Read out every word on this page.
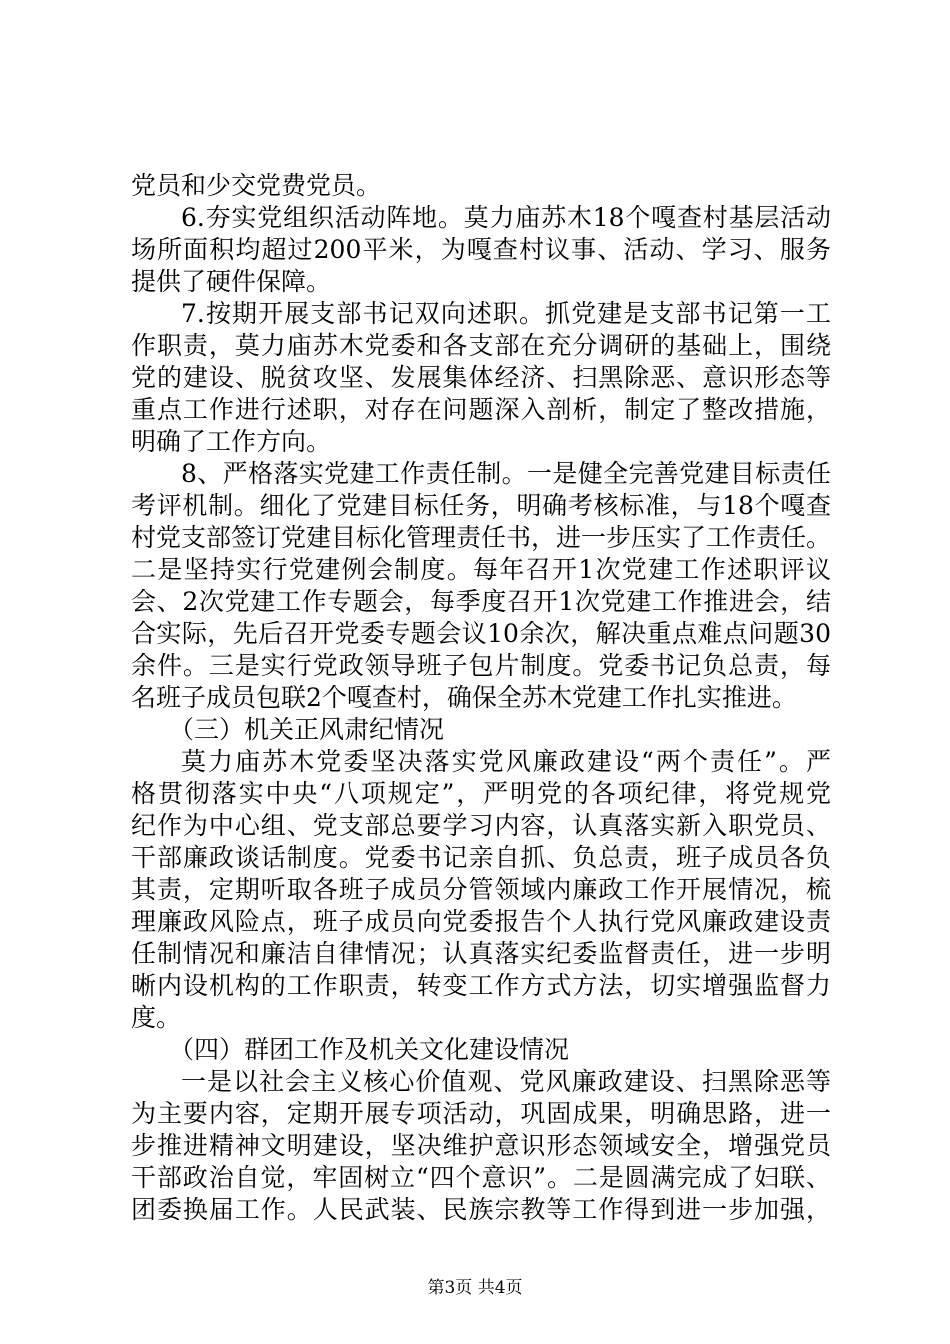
党员和少交党费党员。
6.夯实党组织活动阵地。莫力庙苏木18个嘎查村基层活动
场所面积均超过200平米，为嘎查村议事、活动、学习、服务
提供了硬件保障。
7.按期开展支部书记双向述职。抓党建是支部书记第一工
作职责，莫力庙苏木党委和各支部在充分调研的基础上，围绕
党的建设、脱贫攻坚、发展集体经济、扫黑除恶、意识形态等
重点工作进行述职，对存在问题深入剖析，制定了整改措施，
明确了工作方向。
8、严格落实党建工作责任制。一是健全完善党建目标责任
考评机制。细化了党建目标任务，明确考核标准，与18个嘎查
村党支部签订党建目标化管理责任书，进一步压实了工作责任。
二是坚持实行党建例会制度。每年召开1次党建工作述职评议
会、2次党建工作专题会，每季度召开1次党建工作推进会，结
合实际，先后召开党委专题会议10余次，解决重点难点问题30
余件。三是实行党政领导班子包片制度。党委书记负总责，每
名班子成员包联2个嘎查村，确保全苏木党建工作扎实推进。
（三）机关正风肃纪情况
莫力庙苏木党委坚决落实党风廉政建设“两个责任”。严
格贯彻落实中央“八项规定”，严明党的各项纪律，将党规党
纪作为中心组、党支部总要学习内容，认真落实新入职党员、
干部廉政谈话制度。党委书记亲自抓、负总责，班子成员各负
其责，定期听取各班子成员分管领域内廉政工作开展情况，梳
理廉政风险点，班子成员向党委报告个人执行党风廉政建设责
任制情况和廉洁自律情况；认真落实纪委监督责任，进一步明
晰内设机构的工作职责，转变工作方式方法，切实增强监督力
度。
（四）群团工作及机关文化建设情况
一是以社会主义核心价值观、党风廉政建设、扫黑除恶等
为主要内容，定期开展专项活动，巩固成果，明确思路，进一
步推进精神文明建设，坚决维护意识形态领域安全，增强党员
干部政治自觉，牢固树立“四个意识”。二是圆满完成了妇联、
团委换届工作。人民武装、民族宗教等工作得到进一步加强，
第3页 共4页
